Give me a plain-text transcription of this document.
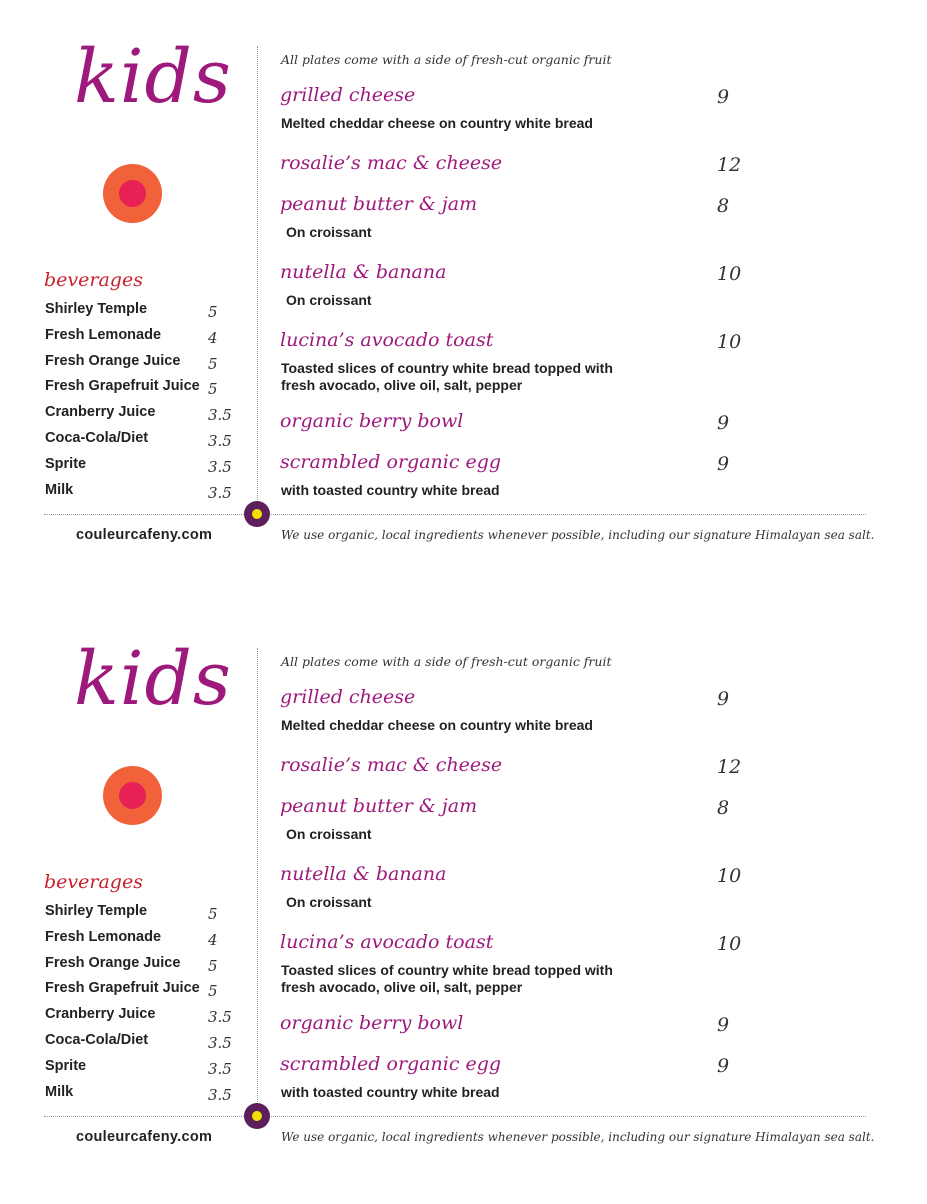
kids
beverages
Shirley Temple	5
Fresh Lemonade	4
Fresh Orange Juice 5
Fresh Grapefruit Juice 5
Cranberry Juice	3.5
Coca-Cola/Diet	3.5
Sprite	3.5
Milk	3.5
All plates come with a side of fresh-cut organic fruit
grilled cheese	9
Melted cheddar cheese on country white bread
rosalie’s mac & cheese	12
peanut butter & jam	8
On croissant
nutella & banana	10
On croissant
lucina’s avocado toast	10
Toasted slices of country white bread topped with
fresh avocado, olive oil, salt, pepper
organic berry bowl	9
scrambled organic egg	9
with toasted country white bread
couleurcafeny.com	We use organic, local ingredients whenever possible, including our signature Himalayan sea salt.
kids
beverages
Shirley Temple	5
Fresh Lemonade	4
Fresh Orange Juice 5
Fresh Grapefruit Juice 5
Cranberry Juice	3.5
Coca-Cola/Diet	3.5
Sprite	3.5
Milk	3.5
All plates come with a side of fresh-cut organic fruit
grilled cheese	9
Melted cheddar cheese on country white bread
rosalie’s mac & cheese	12
peanut butter & jam	8
On croissant
nutella & banana	10
On croissant
lucina’s avocado toast	10
Toasted slices of country white bread topped with
fresh avocado, olive oil, salt, pepper
organic berry bowl	9
scrambled organic egg	9
with toasted country white bread
couleurcafeny.com	We use organic, local ingredients whenever possible, including our signature Himalayan sea salt.
